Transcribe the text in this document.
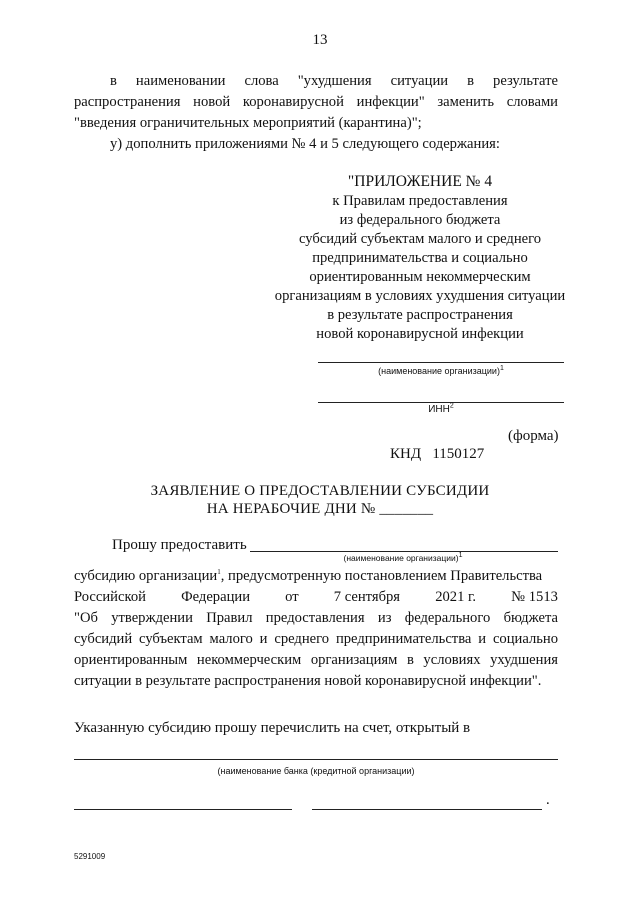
13
в наименовании слова "ухудшения ситуации в результате
распространения новой коронавирусной инфекции" заменить словами
"введения ограничительных мероприятий (карантина)";
у) дополнить приложениями № 4 и 5 следующего содержания:
"ПРИЛОЖЕНИЕ № 4
к Правилам предоставления
из федерального бюджета
субсидий субъектам малого и среднего
предпринимательства и социально
ориентированным некоммерческим
организациям в условиях ухудшения ситуации
в результате распространения
новой коронавирусной инфекции
(наименование организации)$^1$
ИНН$^2$
(форма)
КНД   1150127
ЗАЯВЛЕНИЕ О ПРЕДОСТАВЛЕНИИ СУБСИДИИ
НА НЕРАБОЧИЕ ДНИ № _______
Прошу предоставить
(наименование организации)$^1$
субсидию организации$^1$, предусмотренную постановлением Правительства
Российской Федерации от 7 сентября 2021 г. № 1513
"Об утверждении Правил предоставления из федерального бюджета
субсидий субъектам малого и среднего предпринимательства и социально
ориентированным некоммерческим организациям в условиях ухудшения
ситуации в результате распространения новой коронавирусной инфекции".
Указанную субсидию прошу перечислить на счет, открытый в
(наименование банка (кредитной организации)
.
5291009
